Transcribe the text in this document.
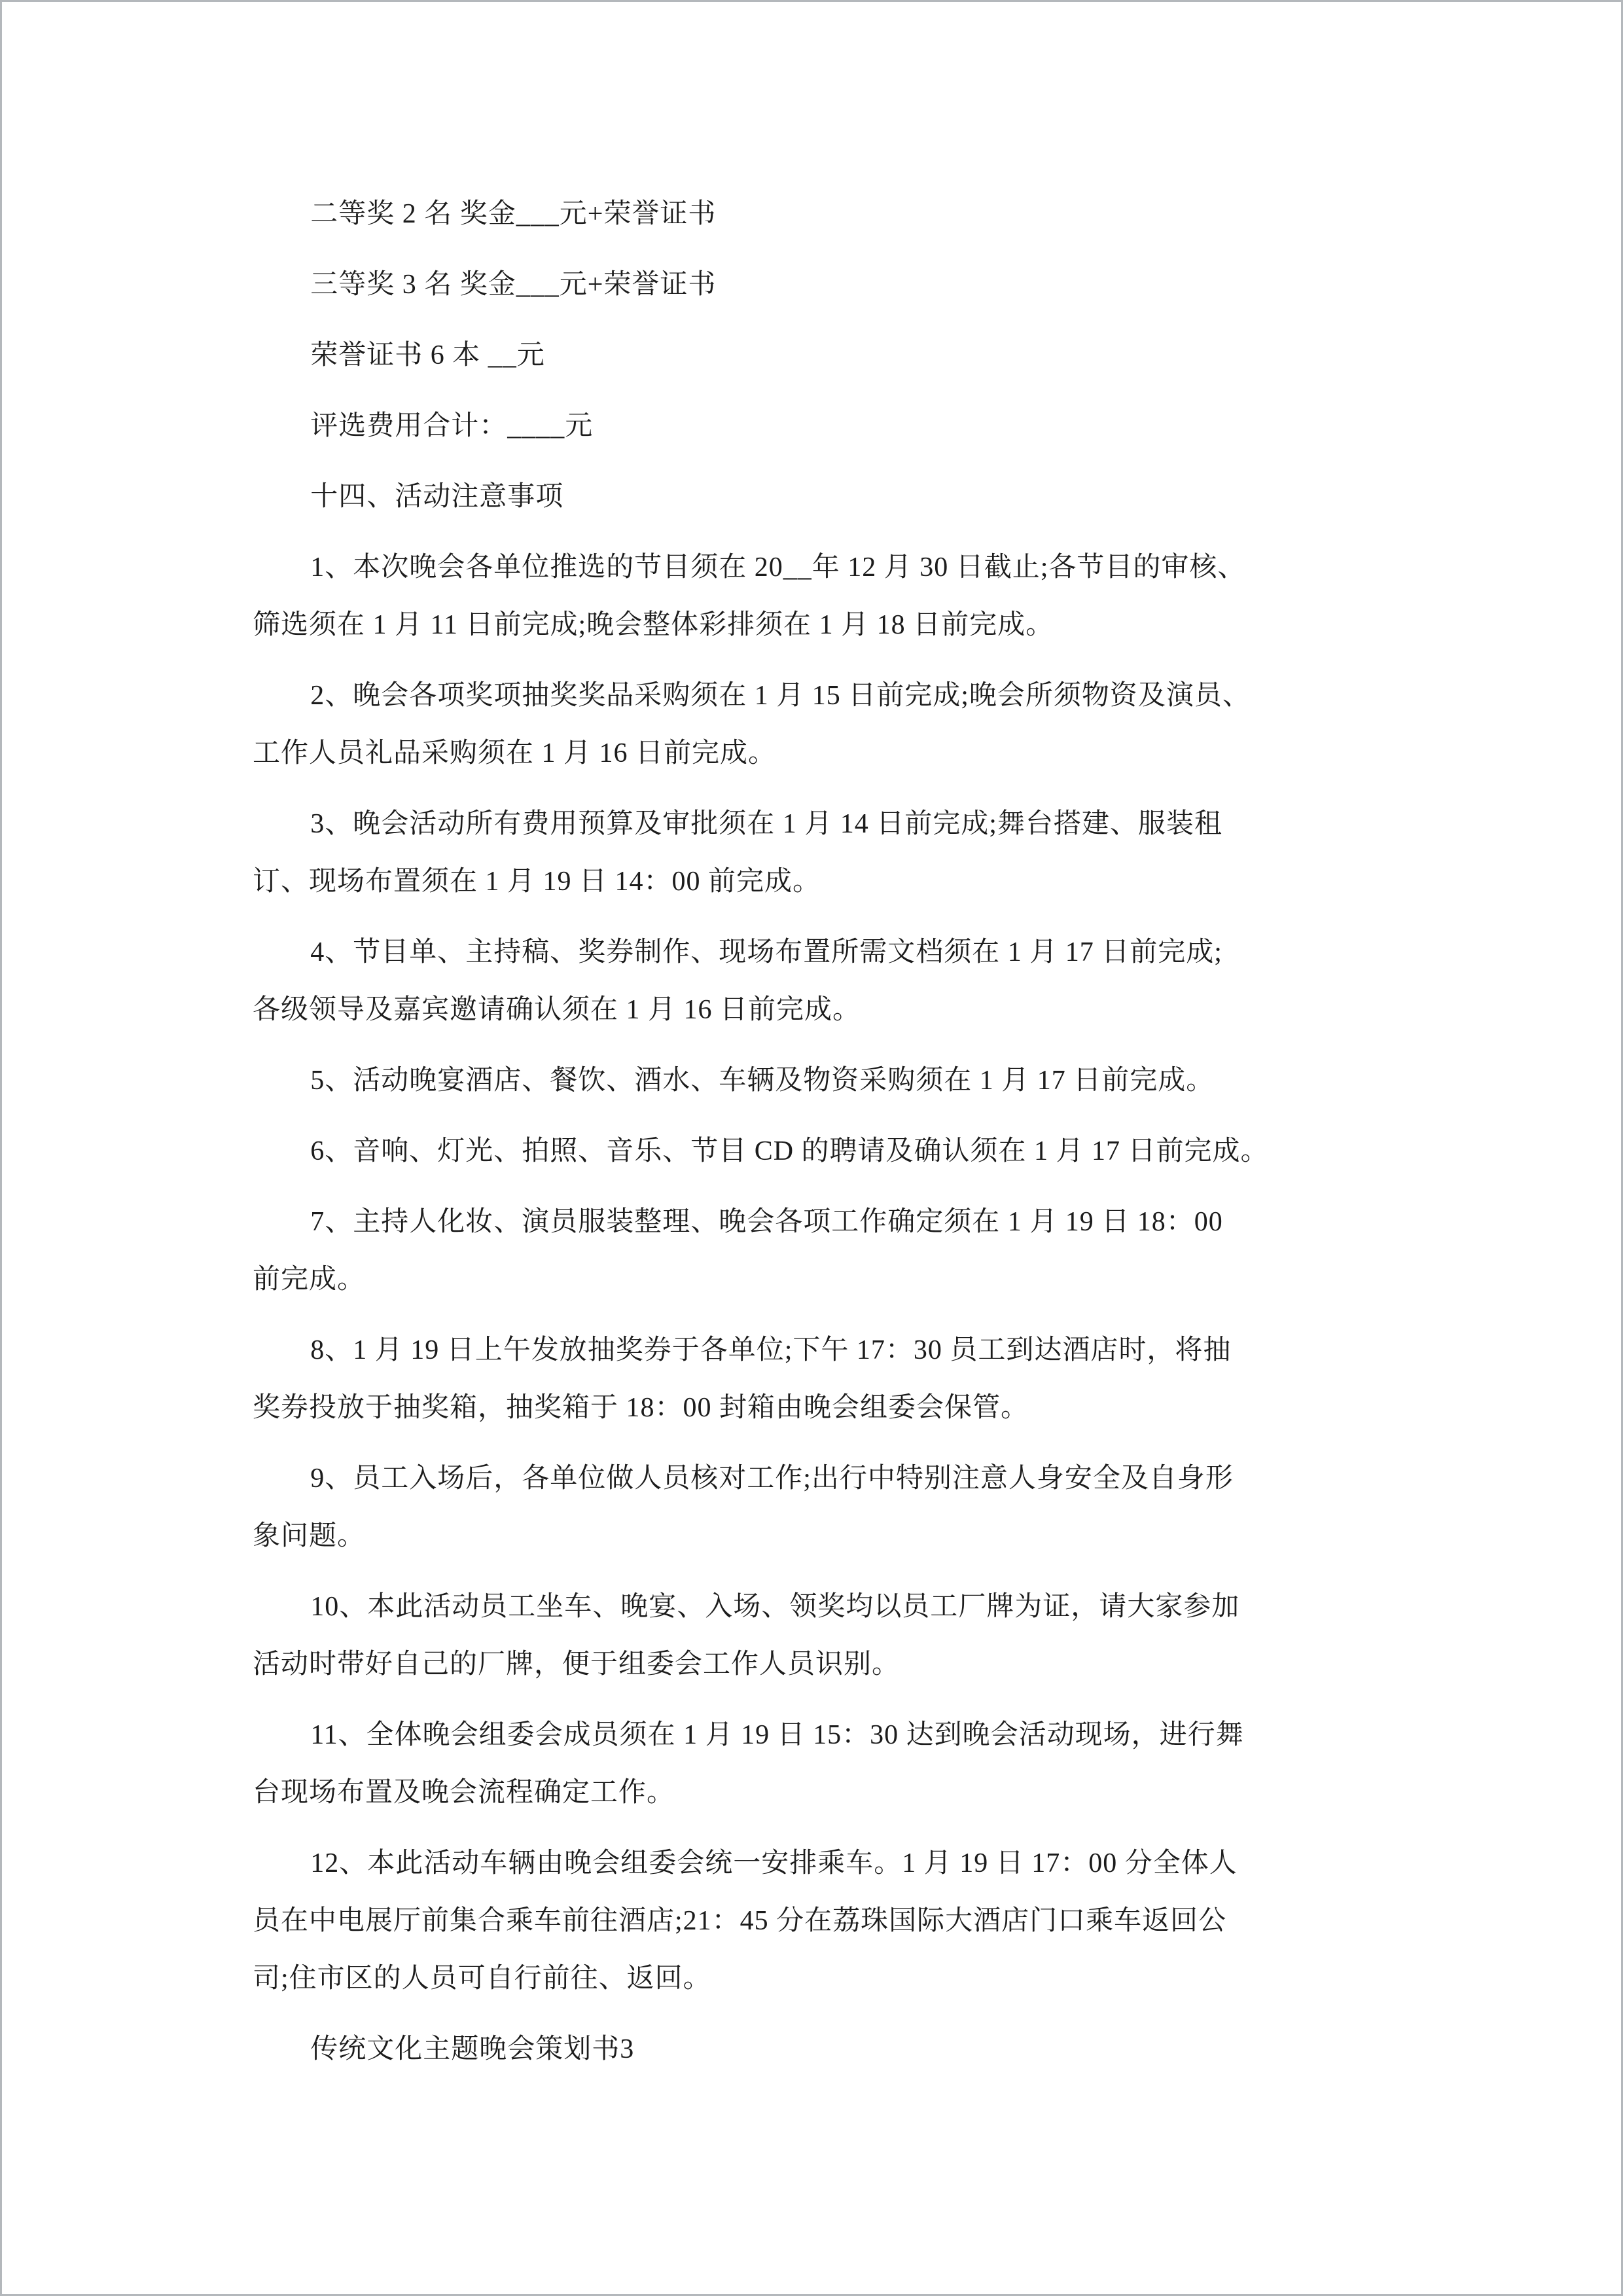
二等奖 2 名 奖金___元+荣誉证书
三等奖 3 名 奖金___元+荣誉证书
荣誉证书 6 本 __元
评选费用合计：____元
十四、活动注意事项
1、本次晚会各单位推选的节目须在 20__年 12 月 30 日截止;各节目的审核、
筛选须在 1 月 11 日前完成;晚会整体彩排须在 1 月 18 日前完成。
2、晚会各项奖项抽奖奖品采购须在 1 月 15 日前完成;晚会所须物资及演员、
工作人员礼品采购须在 1 月 16 日前完成。
3、晚会活动所有费用预算及审批须在 1 月 14 日前完成;舞台搭建、服装租
订、现场布置须在 1 月 19 日 14：00 前完成。
4、节目单、主持稿、奖券制作、现场布置所需文档须在 1 月 17 日前完成;
各级领导及嘉宾邀请确认须在 1 月 16 日前完成。
5、活动晚宴酒店、餐饮、酒水、车辆及物资采购须在 1 月 17 日前完成。
6、音响、灯光、拍照、音乐、节目 CD 的聘请及确认须在 1 月 17 日前完成。
7、主持人化妆、演员服装整理、晚会各项工作确定须在 1 月 19 日 18：00
前完成。
8、1 月 19 日上午发放抽奖券于各单位;下午 17：30 员工到达酒店时，将抽
奖券投放于抽奖箱，抽奖箱于 18：00 封箱由晚会组委会保管。
9、员工入场后，各单位做人员核对工作;出行中特别注意人身安全及自身形
象问题。
10、本此活动员工坐车、晚宴、入场、领奖均以员工厂牌为证，请大家参加
活动时带好自己的厂牌，便于组委会工作人员识别。
11、全体晚会组委会成员须在 1 月 19 日 15：30 达到晚会活动现场，进行舞
台现场布置及晚会流程确定工作。
12、本此活动车辆由晚会组委会统一安排乘车。1 月 19 日 17：00 分全体人
员在中电展厅前集合乘车前往酒店;21：45 分在荔珠国际大酒店门口乘车返回公
司;住市区的人员可自行前往、返回。
传统文化主题晚会策划书3
